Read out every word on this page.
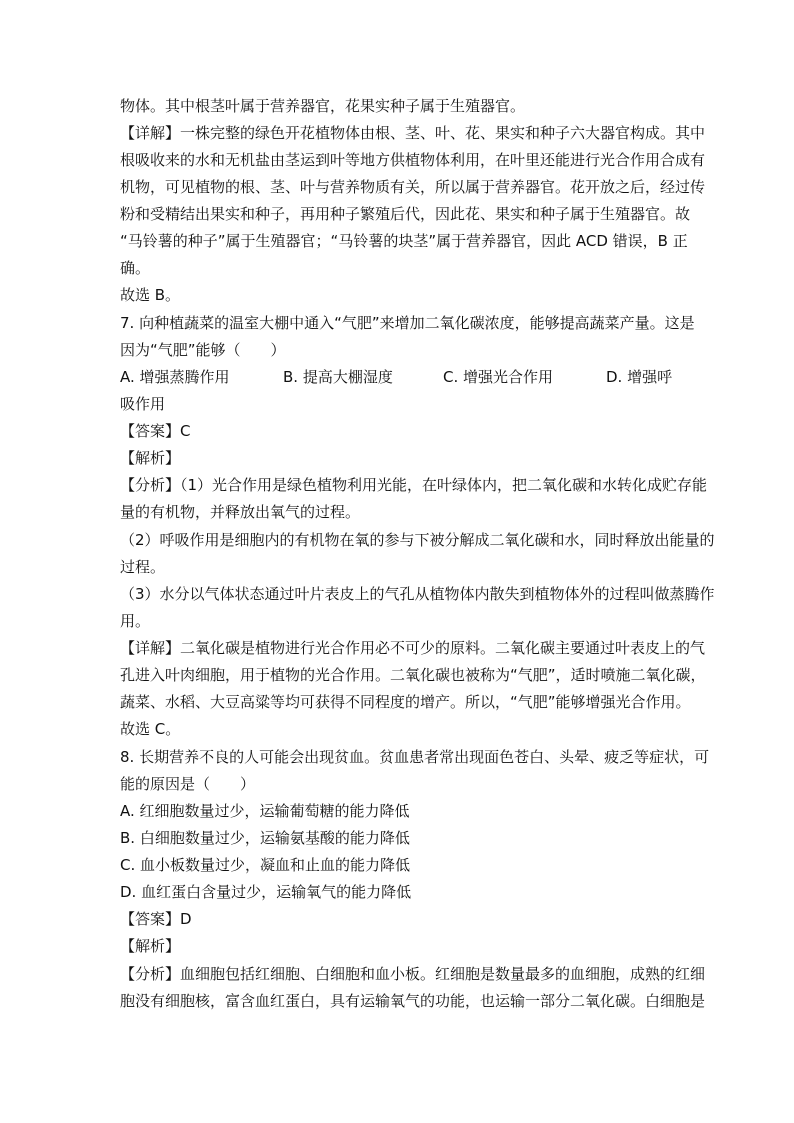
物体。其中根茎叶属于营养器官，花果实种子属于生殖器官。
【详解】一株完整的绿色开花植物体由根、茎、叶、花、果实和种子六大器官构成。其中
根吸收来的水和无机盐由茎运到叶等地方供植物体利用，在叶里还能进行光合作用合成有
机物，可见植物的根、茎、叶与营养物质有关，所以属于营养器官。花开放之后，经过传
粉和受精结出果实和种子，再用种子繁殖后代，因此花、果实和种子属于生殖器官。故
“马铃薯的种子”属于生殖器官；“马铃薯的块茎”属于营养器官，因此 ACD 错误，B 正
确。
故选 B。
7. 向种植蔬菜的温室大棚中通入“气肥”来增加二氧化碳浓度，能够提高蔬菜产量。这是
因为“气肥”能够（　　）
A. 增强蒸腾作用	B. 提高大棚湿度	C. 增强光合作用	D. 增强呼
吸作用
【答案】C
【解析】
【分析】（1）光合作用是绿色植物利用光能，在叶绿体内，把二氧化碳和水转化成贮存能
量的有机物，并释放出氧气的过程。
（2）呼吸作用是细胞内的有机物在氧的参与下被分解成二氧化碳和水，同时释放出能量的
过程。
（3）水分以气体状态通过叶片表皮上的气孔从植物体内散失到植物体外的过程叫做蒸腾作
用。
【详解】二氧化碳是植物进行光合作用必不可少的原料。二氧化碳主要通过叶表皮上的气
孔进入叶肉细胞，用于植物的光合作用。二氧化碳也被称为“气肥”，适时喷施二氧化碳，
蔬菜、水稻、大豆高粱等均可获得不同程度的增产。所以，“气肥”能够增强光合作用。
故选 C。
8. 长期营养不良的人可能会出现贫血。贫血患者常出现面色苍白、头晕、疲乏等症状，可
能的原因是（　　）
A. 红细胞数量过少，运输葡萄糖的能力降低
B. 白细胞数量过少，运输氨基酸的能力降低
C. 血小板数量过少，凝血和止血的能力降低
D. 血红蛋白含量过少，运输氧气的能力降低
【答案】D
【解析】
【分析】血细胞包括红细胞、白细胞和血小板。红细胞是数量最多的血细胞，成熟的红细
胞没有细胞核，富含血红蛋白，具有运输氧气的功能，也运输一部分二氧化碳。白细胞是
